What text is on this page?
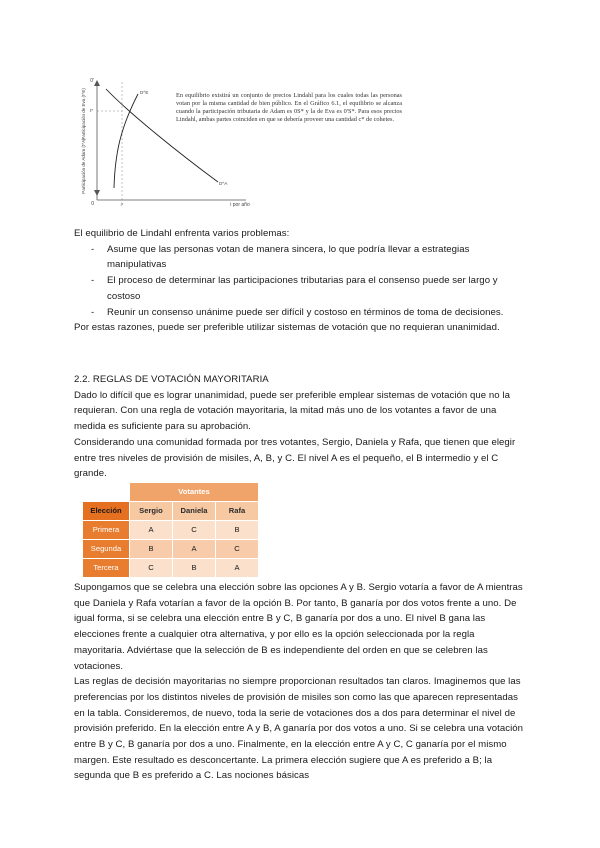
0'
0
t*
i*	i por año
D^E
D^A
Participación de Eva (t^E)
Participación de Adam (t^A)
En equilibrio existirá un conjunto de precios Lindahl para los cuales todas las personas votan por la misma cantidad de bien público. En el Gráfico 6.1, el equilibrio se alcanza cuando la participación tributaria de Adam es 0S* y la de Eva es 0'S*. Para esos precios Lindahl, ambas partes coinciden en que se debería proveer una cantidad c* de cohetes.

El equilibrio de Lindahl enfrenta varios problemas:

- Asume que las personas votan de manera sincera, lo que podría llevar a estrategias manipulativas
- El proceso de determinar las participaciones tributarias para el consenso puede ser largo y costoso
- Reunir un consenso unánime puede ser difícil y costoso en términos de toma de decisiones.

Por estas razones, puede ser preferible utilizar sistemas de votación que no requieran unanimidad.

2.2. REGLAS DE VOTACIÓN MAYORITARIA

Dado lo difícil que es lograr unanimidad, puede ser preferible emplear sistemas de votación que no la requieran. Con una regla de votación mayoritaria, la mitad más uno de los votantes a favor de una medida es suficiente para su aprobación.

Considerando una comunidad formada por tres votantes, Sergio, Daniela y Rafa, que tienen que elegir entre tres niveles de provisión de misiles, A, B, y C. El nivel A es el pequeño, el B intermedio y el C grande.

	Votantes		
Elección	Sergio	Daniela	Rafa
Primera	A	C	B
Segunda	B	A	C
Tercera	C	B	A

Supongamos que se celebra una elección sobre las opciones A y B. Sergio votaría a favor de A mientras que Daniela y Rafa votarían a favor de la opción B. Por tanto, B ganaría por dos votos frente a uno. De igual forma, si se celebra una elección entre B y C, B ganaría por dos a uno. El nivel B gana las elecciones frente a cualquier otra alternativa, y por ello es la opción seleccionada por la regla mayoritaria. Adviértase que la selección de B es independiente del orden en que se celebren las votaciones.

Las reglas de decisión mayoritarias no siempre proporcionan resultados tan claros. Imaginemos que las preferencias por los distintos niveles de provisión de misiles son como las que aparecen representadas en la tabla. Consideremos, de nuevo, toda la serie de votaciones dos a dos para determinar el nivel de provisión preferido. En la elección entre A y B, A ganaría por dos votos a uno. Si se celebra una votación entre B y C, B ganaría por dos a uno. Finalmente, en la elección entre A y C, C ganaría por el mismo margen. Este resultado es desconcertante. La primera elección sugiere que A es preferido a B; la segunda que B es preferido a C. Las nociones básicas
